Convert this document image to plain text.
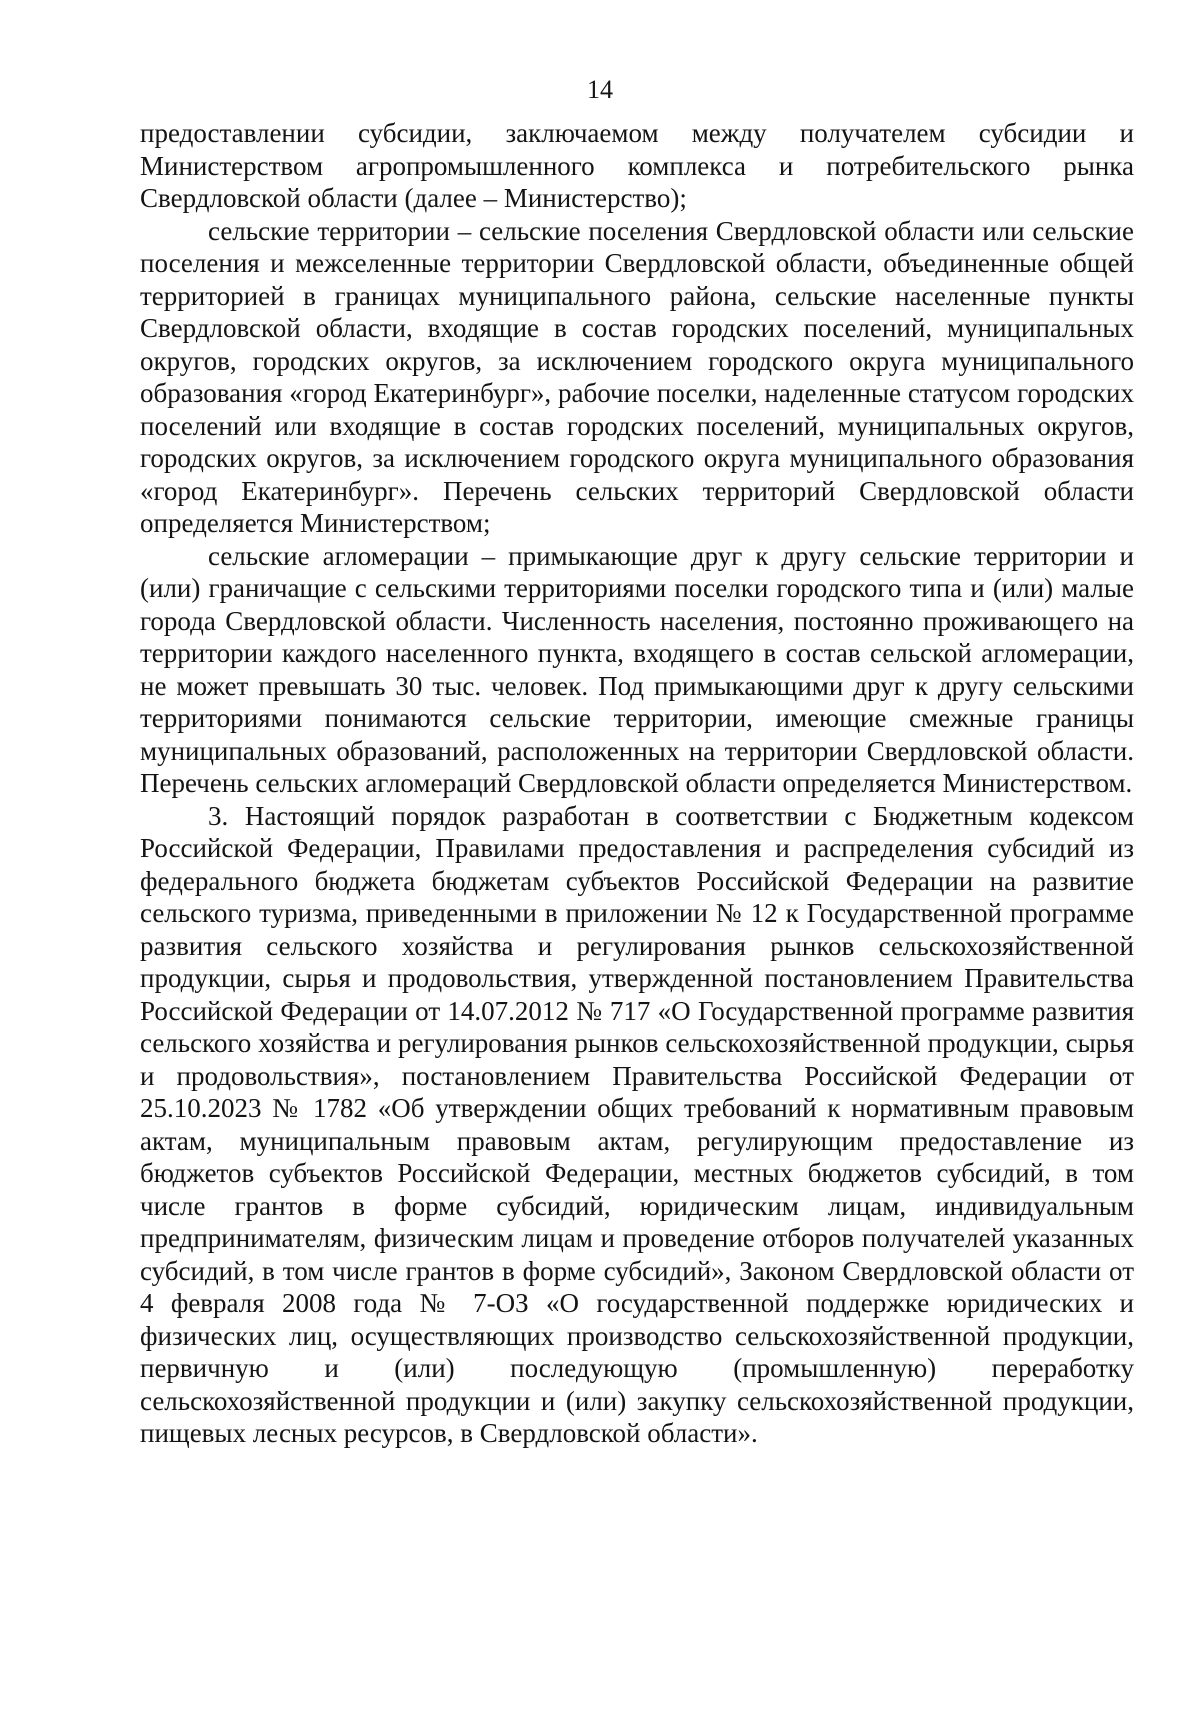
14

предоставлении субсидии, заключаемом между получателем субсидии и Министерством агропромышленного комплекса и потребительского рынка Свердловской области (далее – Министерство);

сельские территории – сельские поселения Свердловской области или сельские поселения и межселенные территории Свердловской области, объединенные общей территорией в границах муниципального района, сельские населенные пункты Свердловской области, входящие в состав городских поселений, муниципальных округов, городских округов, за исключением городского округа муниципального образования «город Екатеринбург», рабочие поселки, наделенные статусом городских поселений или входящие в состав городских поселений, муниципальных округов, городских округов, за исключением городского округа муниципального образования «город Екатеринбург». Перечень сельских территорий Свердловской области определяется Министерством;

сельские агломерации – примыкающие друг к другу сельские территории и (или) граничащие с сельскими территориями поселки городского типа и (или) малые города Свердловской области. Численность населения, постоянно проживающего на территории каждого населенного пункта, входящего в состав сельской агломерации, не может превышать 30 тыс. человек. Под примыкающими друг к другу сельскими территориями понимаются сельские территории, имеющие смежные границы муниципальных образований, расположенных на территории Свердловской области. Перечень сельских агломераций Свердловской области определяется Министерством.

3. Настоящий порядок разработан в соответствии с Бюджетным кодексом Российской Федерации, Правилами предоставления и распределения субсидий из федерального бюджета бюджетам субъектов Российской Федерации на развитие сельского туризма, приведенными в приложении № 12 к Государственной программе развития сельского хозяйства и регулирования рынков сельскохозяйственной продукции, сырья и продовольствия, утвержденной постановлением Правительства Российской Федерации от 14.07.2012 № 717 «О Государственной программе развития сельского хозяйства и регулирования рынков сельскохозяйственной продукции, сырья и продовольствия», постановлением Правительства Российской Федерации от 25.10.2023 № 1782 «Об утверждении общих требований к нормативным правовым актам, муниципальным правовым актам, регулирующим предоставление из бюджетов субъектов Российской Федерации, местных бюджетов субсидий, в том числе грантов в форме субсидий, юридическим лицам, индивидуальным предпринимателям, физическим лицам и проведение отборов получателей указанных субсидий, в том числе грантов в форме субсидий», Законом Свердловской области от 4 февраля 2008 года № 7-ОЗ «О государственной поддержке юридических и физических лиц, осуществляющих производство сельскохозяйственной продукции, первичную и (или) последующую (промышленную) переработку сельскохозяйственной продукции и (или) закупку сельскохозяйственной продукции, пищевых лесных ресурсов, в Свердловской области».
